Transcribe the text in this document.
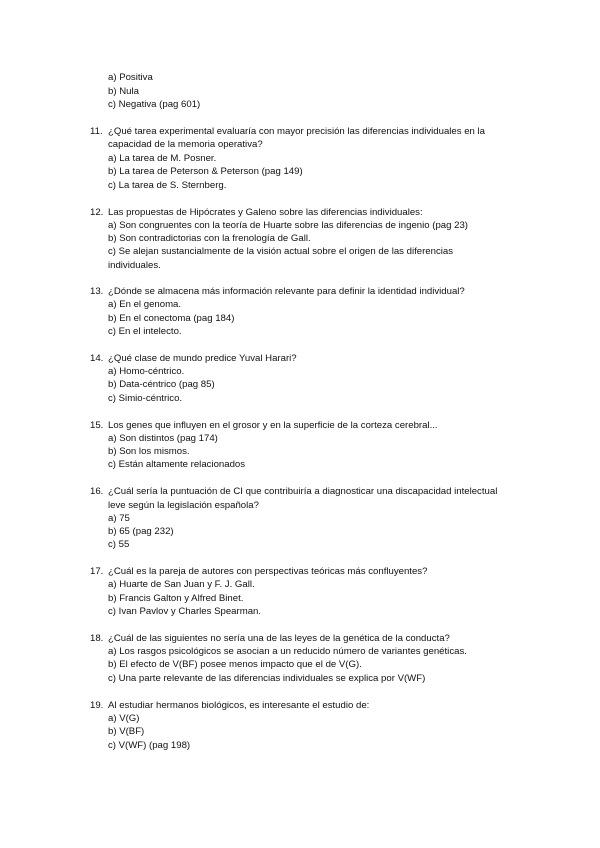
a) Positiva
b) Nula
c) Negativa (pag 601)
11. ¿Qué tarea experimental evaluaría con mayor precisión las diferencias individuales en la
capacidad de la memoria operativa?
a) La tarea de M. Posner.
b) La tarea de Peterson & Peterson (pag 149)
c) La tarea de S. Sternberg.
12. Las propuestas de Hipócrates y Galeno sobre las diferencias individuales:
a) Son congruentes con la teoría de Huarte sobre las diferencias de ingenio (pag 23)
b) Son contradictorias con la frenología de Gall.
c) Se alejan sustancialmente de la visión actual sobre el origen de las diferencias
individuales.
13. ¿Dónde se almacena más información relevante para definir la identidad individual?
a) En el genoma.
b) En el conectoma (pag 184)
c) En el intelecto.
14. ¿Qué clase de mundo predice Yuval Harari?
a) Homo-céntrico.
b) Data-céntrico (pag 85)
c) Simio-céntrico.
15. Los genes que influyen en el grosor y en la superficie de la corteza cerebral...
a) Son distintos (pag 174)
b) Son los mismos.
c) Están altamente relacionados
16. ¿Cuál sería la puntuación de CI que contribuiría a diagnosticar una discapacidad intelectual
leve según la legislación española?
a) 75
b) 65 (pag 232)
c) 55
17. ¿Cuál es la pareja de autores con perspectivas teóricas más confluyentes?
a) Huarte de San Juan y F. J. Gall.
b) Francis Galton y Alfred Binet.
c) Ivan Pavlov y Charles Spearman.
18. ¿Cuál de las siguientes no sería una de las leyes de la genética de la conducta?
a) Los rasgos psicológicos se asocian a un reducido número de variantes genéticas.
b) El efecto de V(BF) posee menos impacto que el de V(G).
c) Una parte relevante de las diferencias individuales se explica por V(WF)
19. Al estudiar hermanos biológicos, es interesante el estudio de:
a) V(G)
b) V(BF)
c) V(WF) (pag 198)
